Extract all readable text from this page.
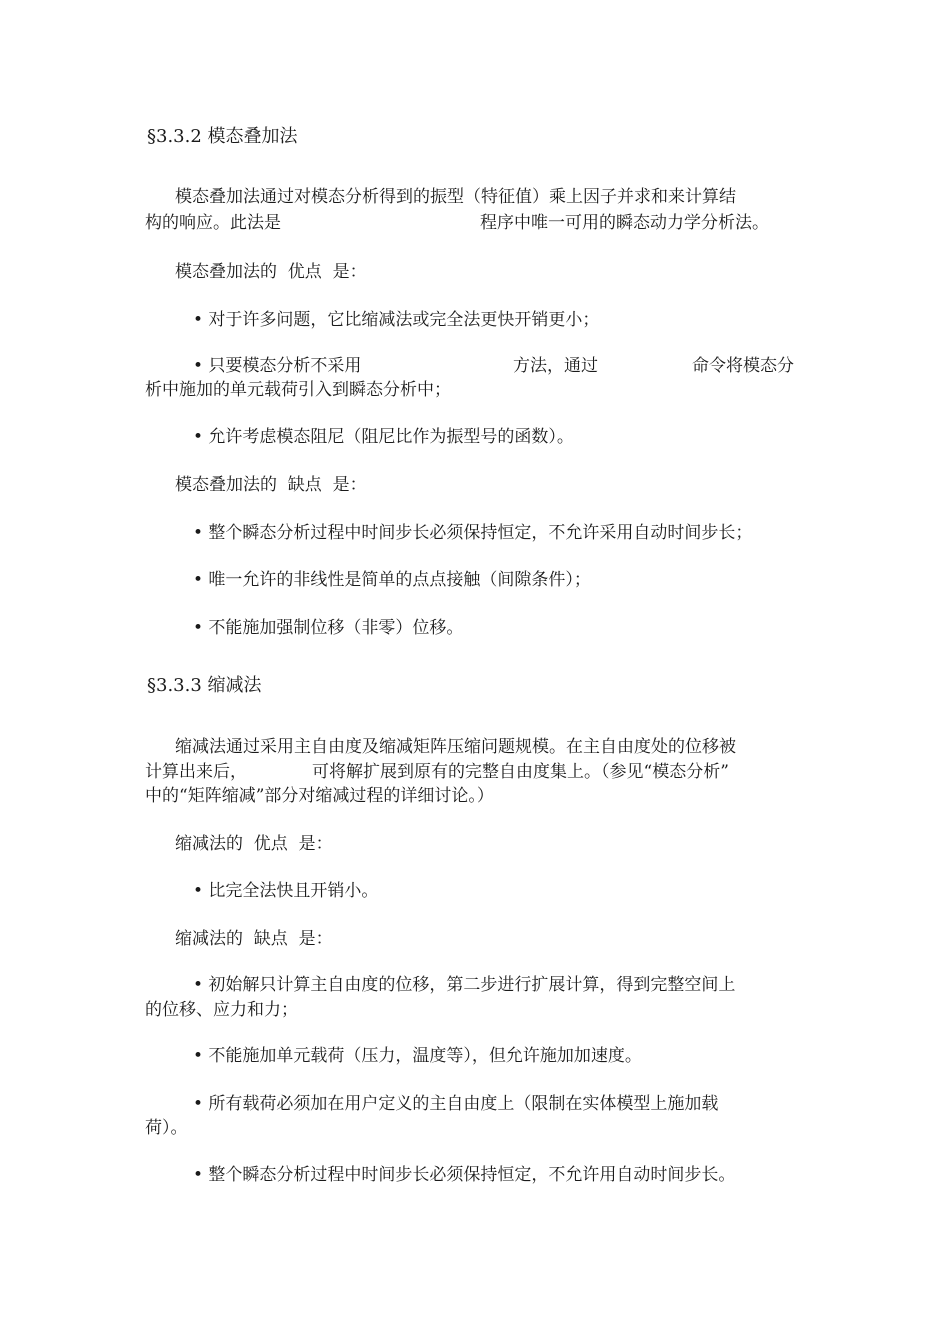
§3.3.2 模态叠加法
模态叠加法通过对模态分析得到的振型（特征值）乘上因子并求和来计算结
构的响应。此法是	程序中唯一可用的瞬态动力学分析法。
模态叠加法的  优点  是：
• 对于许多问题，它比缩减法或完全法更快开销更小；
• 只要模态分析不采用	方法，通过	命令将模态分
析中施加的单元载荷引入到瞬态分析中；
• 允许考虑模态阻尼（阻尼比作为振型号的函数）。
模态叠加法的  缺点  是：
• 整个瞬态分析过程中时间步长必须保持恒定，不允许采用自动时间步长；
• 唯一允许的非线性是简单的点点接触（间隙条件）；
• 不能施加强制位移（非零）位移。
§3.3.3 缩减法
缩减法通过采用主自由度及缩减矩阵压缩问题规模。在主自由度处的位移被
计算出来后，	可将解扩展到原有的完整自由度集上。（参见“模态分析”
中的“矩阵缩减”部分对缩减过程的详细讨论。）
缩减法的  优点  是：
• 比完全法快且开销小。
缩减法的  缺点  是：
• 初始解只计算主自由度的位移，第二步进行扩展计算，得到完整空间上
的位移、应力和力；
• 不能施加单元载荷（压力，温度等），但允许施加加速度。
• 所有载荷必须加在用户定义的主自由度上（限制在实体模型上施加载
荷）。
• 整个瞬态分析过程中时间步长必须保持恒定，不允许用自动时间步长。
